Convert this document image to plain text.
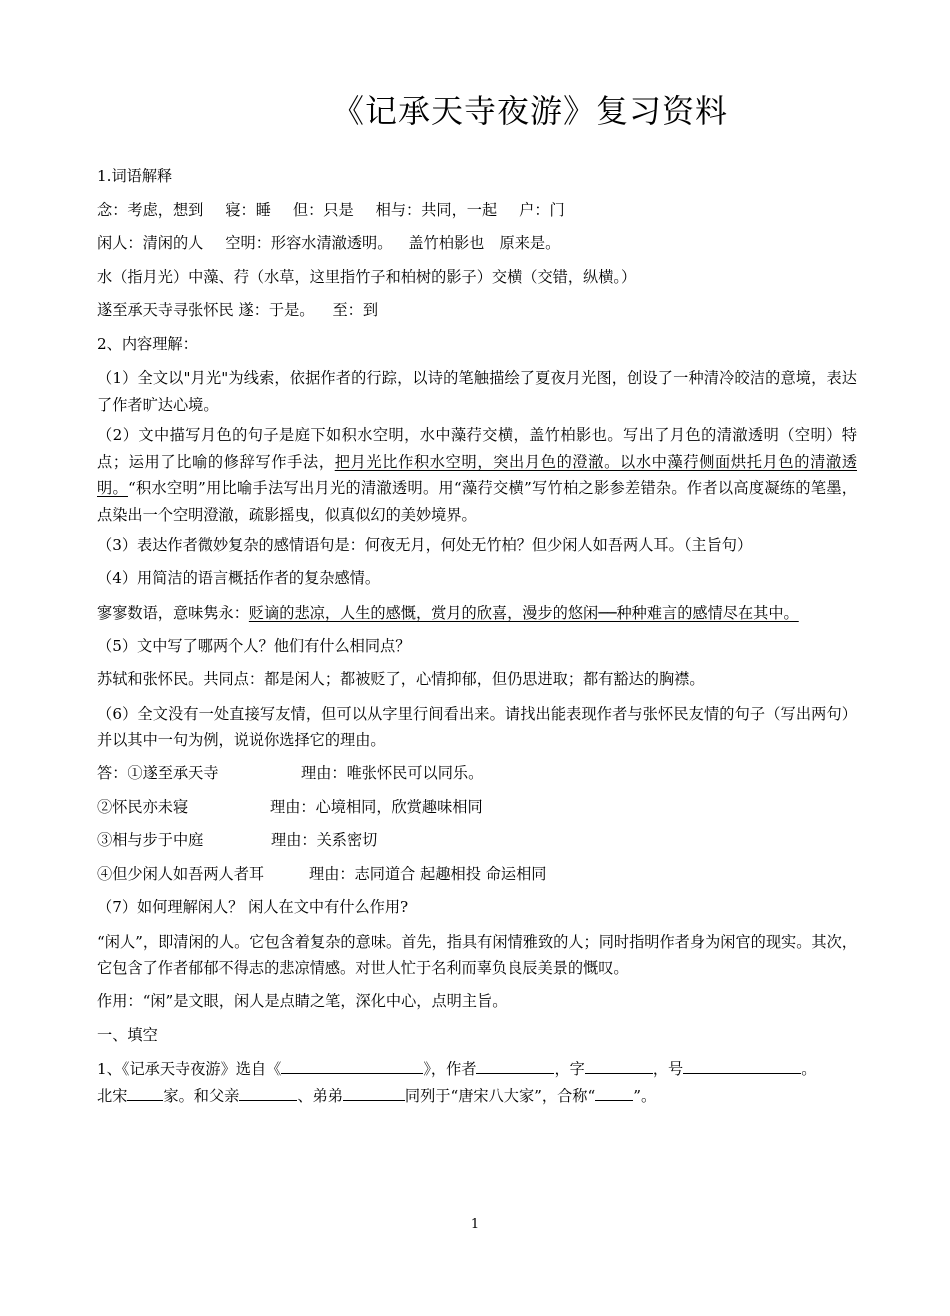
《记承天寺夜游》复习资料
1.词语解释
念：考虑，想到 寝：睡 但：只是 相与：共同，一起 户：门
闲人：清闲的人 空明：形容水清澈透明。 盖竹柏影也　原来是。
水（指月光）中藻、荇（水草，这里指竹子和柏树的影子）交横（交错，纵横。）
遂至承天寺寻张怀民 遂：于是。 至：到
2、内容理解：
（1）全文以"月光"为线索，依据作者的行踪，以诗的笔触描绘了夏夜月光图，创设了一种清冷皎洁的意境，表达了作者旷达心境。
（2）文中描写月色的句子是庭下如积水空明，水中藻荇交横，盖竹柏影也。写出了月色的清澈透明（空明）特点；运用了比喻的修辞写作手法，把月光比作积水空明，突出月色的澄澈。以水中藻荇侧面烘托月色的清澈透明。“积水空明”用比喻手法写出月光的清澈透明。用“藻荇交横”写竹柏之影参差错杂。作者以高度凝练的笔墨，点染出一个空明澄澈，疏影摇曳，似真似幻的美妙境界。
（3）表达作者微妙复杂的感情语句是：何夜无月，何处无竹柏？但少闲人如吾两人耳。（主旨句）
（4）用简洁的语言概括作者的复杂感情。
寥寥数语，意味隽永：贬谪的悲凉，人生的感慨，赏月的欣喜，漫步的悠闲──种种难言的感情尽在其中。
（5）文中写了哪两个人？他们有什么相同点？
苏轼和张怀民。共同点：都是闲人；都被贬了，心情抑郁，但仍思进取；都有豁达的胸襟。
（6）全文没有一处直接写友情，但可以从字里行间看出来。请找出能表现作者与张怀民友情的句子（写出两句）并以其中一句为例，说说你选择它的理由。
答：①遂至承天寺	理由：唯张怀民可以同乐。
②怀民亦未寝	理由：心境相同，欣赏趣味相同
③相与步于中庭	理由：关系密切
④但少闲人如吾两人者耳	理由：志同道合 起趣相投 命运相同
（7）如何理解闲人？ 闲人在文中有什么作用?
“闲人”，即清闲的人。它包含着复杂的意味。首先，指具有闲情雅致的人；同时指明作者身为闲官的现实。其次，它包含了作者郁郁不得志的悲凉情感。对世人忙于名利而辜负良辰美景的慨叹。
作用：“闲”是文眼，闲人是点睛之笔，深化中心，点明主旨。
一、填空
1、《记承天寺夜游》选自《	》，作者	，字	，号	。
北宋 家。和父亲	、弟弟	同列于“唐宋八大家”，合称“	”。
1
